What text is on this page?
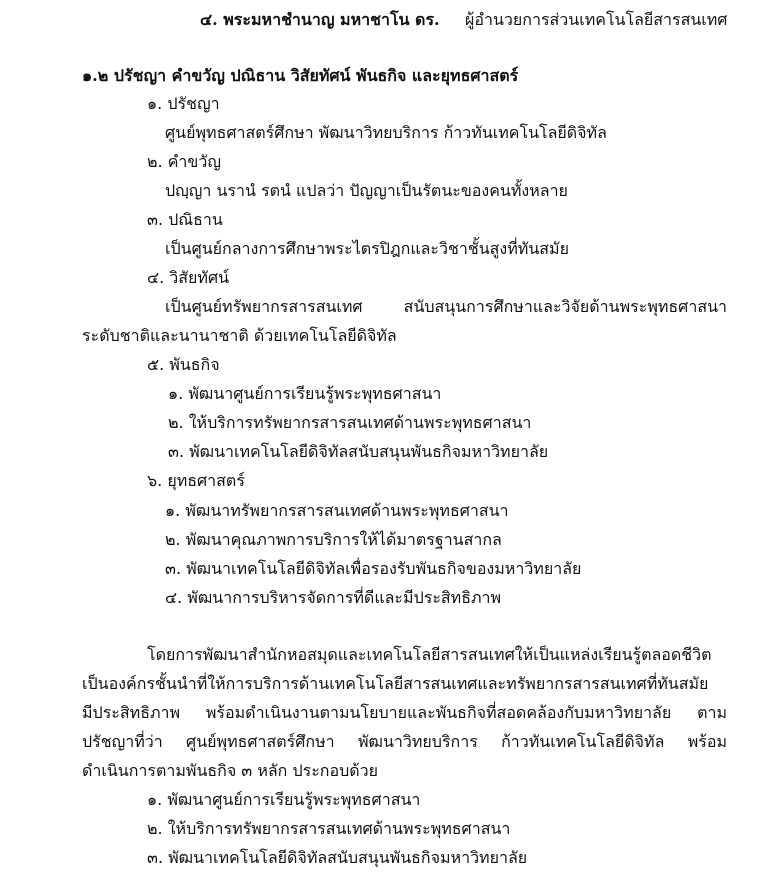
๔. พระมหาชำนาญ มหาชาโน ดร. ผู้อำนวยการส่วนเทคโนโลยีสารสนเทศ
๑.๒ ปรัชญา คำขวัญ ปณิธาน วิสัยทัศน์ พันธกิจ และยุทธศาสตร์
๑. ปรัชญา
ศูนย์พุทธศาสตร์ศึกษา พัฒนาวิทยบริการ ก้าวทันเทคโนโลยีดิจิทัล
๒. คำขวัญ
ปญฺญา นรานํ รตนํ แปลว่า ปัญญาเป็นรัตนะของคนทั้งหลาย
๓. ปณิธาน
เป็นศูนย์กลางการศึกษาพระไตรปิฎกและวิชาชั้นสูงที่ทันสมัย
๔. วิสัยทัศน์
เป็นศูนย์ทรัพยากรสารสนเทศ สนับสนุนการศึกษาและวิจัยด้านพระพุทธศาสนา
ระดับชาติและนานาชาติ ด้วยเทคโนโลยีดิจิทัล
๕. พันธกิจ
๑. พัฒนาศูนย์การเรียนรู้พระพุทธศาสนา
๒. ให้บริการทรัพยากรสารสนเทศด้านพระพุทธศาสนา
๓. พัฒนาเทคโนโลยีดิจิทัลสนับสนุนพันธกิจมหาวิทยาลัย
๖. ยุทธศาสตร์
๑. พัฒนาทรัพยากรสารสนเทศด้านพระพุทธศาสนา
๒. พัฒนาคุณภาพการบริการให้ได้มาตรฐานสากล
๓. พัฒนาเทคโนโลยีดิจิทัลเพื่อรองรับพันธกิจของมหาวิทยาลัย
๔. พัฒนาการบริหารจัดการที่ดีและมีประสิทธิภาพ
โดยการพัฒนาสำนักหอสมุดและเทคโนโลยีสารสนเทศให้เป็นแหล่งเรียนรู้ตลอดชีวิต
เป็นองค์กรชั้นนำที่ให้การบริการด้านเทคโนโลยีสารสนเทศและทรัพยากรสารสนเทศที่ทันสมัย
มีประสิทธิภาพ พร้อมดำเนินงานตามนโยบายและพันธกิจที่สอดคล้องกับมหาวิทยาลัย ตาม
ปรัชญาที่ว่า ศูนย์พุทธศาสตร์ศึกษา พัฒนาวิทยบริการ ก้าวทันเทคโนโลยีดิจิทัล พร้อม
ดำเนินการตามพันธกิจ ๓ หลัก ประกอบด้วย
๑. พัฒนาศูนย์การเรียนรู้พระพุทธศาสนา
๒. ให้บริการทรัพยากรสารสนเทศด้านพระพุทธศาสนา
๓. พัฒนาเทคโนโลยีดิจิทัลสนับสนุนพันธกิจมหาวิทยาลัย
